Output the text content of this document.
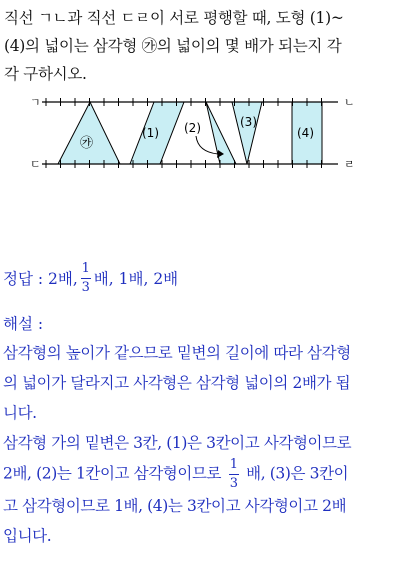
직선 ㄱㄴ과 직선 ㄷㄹ이 서로 평행할 때, 도형 (1)~

(4)의 넓이는 삼각형 ㉮의 넓이의 몇 배가 되는지 각

각 구하시오.

ㄱ	ㄴ
ㄷ	ㄹ
㉮
(1) (2)	(3)
(4)
정답 : 2배, $\frac{1}{3}$ 배, 1배, 2배
해설 :

삼각형의 높이가 같으므로 밑변의 길이에 따라 삼각형

의 넓이가 달라지고 사각형은 삼각형 넓이의 2배가 됩

니다.

삼각형 가의 밑변은 3칸, (1)은 3칸이고 사각형이므로

2배, (2)는 1칸이고 삼각형이므로 $\frac{1}{3}$ 배, (3)은 3칸이

고 삼각형이므로 1배, (4)는 3칸이고 사각형이고 2배

입니다.
